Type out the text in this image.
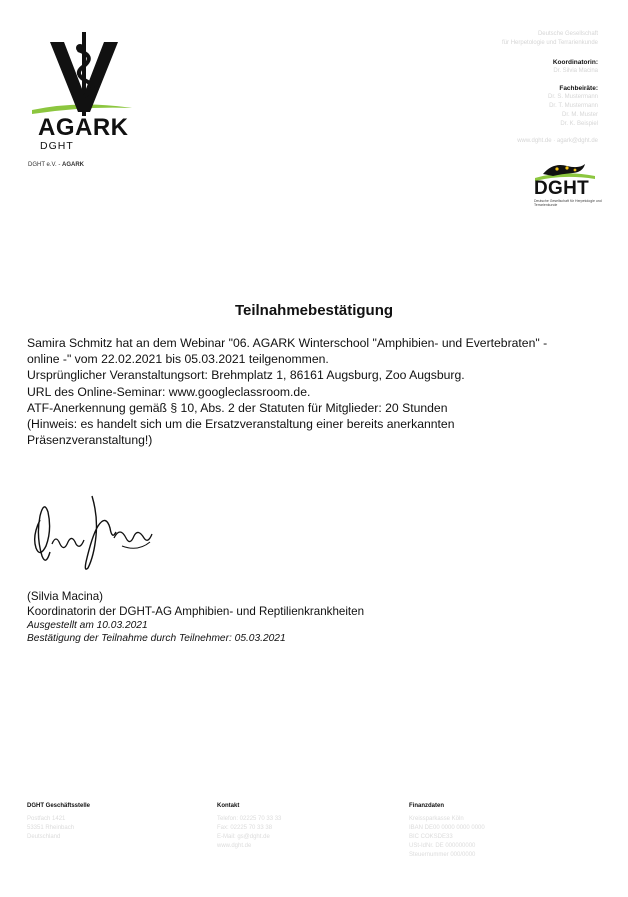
AGARK
DGHT
DGHT e.V. - AGARK
Deutsche Gesellschaft
für Herpetologie und Terrarienkunde
Koordinatorin:
Dr. Silvia Macina
Fachbeiräte:
Dr. S. Mustermann
Dr. T. Mustermann
Dr. M. Muster
Dr. K. Beispiel
www.dght.de · agark@dght.de
DGHT
Deutsche Gesellschaft für Herpetologie und Terrarienkunde
Teilnahmebestätigung
Samira Schmitz hat an dem Webinar "06. AGARK Winterschool "Amphibien- und Evertebraten" -
online -" vom 22.02.2021 bis 05.03.2021 teilgenommen.
Ursprünglicher Veranstaltungsort: Brehmplatz 1, 86161 Augsburg, Zoo Augsburg.
URL des Online-Seminar: www.googleclassroom.de.
ATF-Anerkennung gemäß § 10, Abs. 2 der Statuten für Mitglieder: 20 Stunden
(Hinweis: es handelt sich um die Ersatzveranstaltung einer bereits anerkannten
Präsenzveranstaltung!)
(Silvia Macina)
Koordinatorin der DGHT-AG Amphibien- und Reptilienkrankheiten
Ausgestellt am 10.03.2021
Bestätigung der Teilnahme durch Teilnehmer: 05.03.2021
DGHT Geschäftsstelle
Postfach 1421
53351 Rheinbach
Deutschland
Kontakt
Telefon: 02225 70 33 33
Fax: 02225 70 33 38
E-Mail: gs@dght.de
www.dght.de
Finanzdaten
Kreissparkasse Köln
IBAN DE00 0000 0000 0000
BIC COKSDE33
USt-IdNr. DE 000000000
Steuernummer 000/0000
